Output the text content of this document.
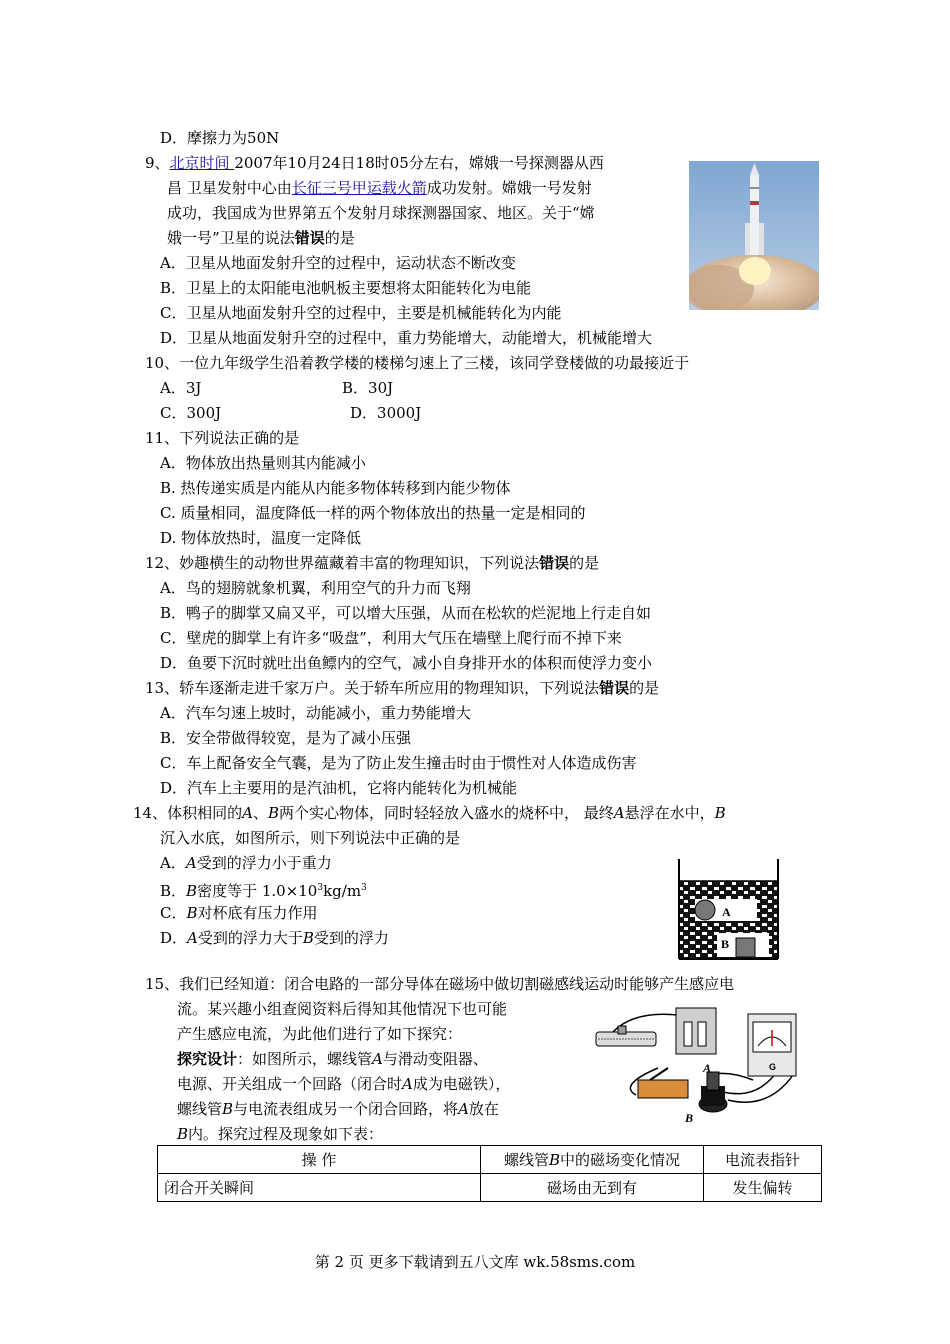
D．摩擦力为50N
9、北京时间 2007年10月24日18时05分左右，嫦娥一号探测器从西
昌 卫星发射中心由长征三号甲运载火箭成功发射。嫦娥一号发射
成功，我国成为世界第五个发射月球探测器国家、地区。关于“嫦
娥一号”卫星的说法错误的是
A．卫星从地面发射升空的过程中，运动状态不断改变
B．卫星上的太阳能电池帆板主要想将太阳能转化为电能
C．卫星从地面发射升空的过程中，主要是机械能转化为内能
D．卫星从地面发射升空的过程中，重力势能增大，动能增大，机械能增大
10、一位九年级学生沿着教学楼的楼梯匀速上了三楼，该同学登楼做的功最接近于
A．3J	B．30J
C．300J	D．3000J
11、下列说法正确的是
A．物体放出热量则其内能减小
B. 热传递实质是内能从内能多物体转移到内能少物体
C. 质量相同，温度降低一样的两个物体放出的热量一定是相同的
D. 物体放热时，温度一定降低
12、妙趣横生的动物世界蕴藏着丰富的物理知识，下列说法错误的是
A．鸟的翅膀就象机翼，利用空气的升力而飞翔
B．鸭子的脚掌又扁又平，可以增大压强，从而在松软的烂泥地上行走自如
C．壁虎的脚掌上有许多“吸盘”，利用大气压在墙壁上爬行而不掉下来
D．鱼要下沉时就吐出鱼鳔内的空气，减小自身排开水的体积而使浮力变小
13、轿车逐渐走进千家万户。关于轿车所应用的物理知识，下列说法错误的是
A．汽车匀速上坡时，动能减小，重力势能增大
B．安全带做得较宽，是为了减小压强
C．车上配备安全气囊，是为了防止发生撞击时由于惯性对人体造成伤害
D．汽车上主要用的是汽油机，它将内能转化为机械能
14、体积相同的A、B两个实心物体，同时轻轻放入盛水的烧杯中， 最终A悬浮在水中，B
沉入水底，如图所示，则下列说法中正确的是
A．A受到的浮力小于重力
B．B密度等于 $1.0\times 10^3kg/m^3$
C．B对杯底有压力作用
D．A受到的浮力大于B受到的浮力
A
B
15、我们已经知道：闭合电路的一部分导体在磁场中做切割磁感线运动时能够产生感应电
流。某兴趣小组查阅资料后得知其他情况下也可能
产生感应电流，为此他们进行了如下探究：
探究设计：如图所示，螺线管A与滑动变阻器、
电源、开关组成一个回路（闭合时A成为电磁铁），
螺线管B与电流表组成另一个闭合回路，将A放在
B内。探究过程及现象如下表：
A
B
G
操 作	螺线管B中的磁场变化情况	电流表指针
闭合开关瞬间	磁场由无到有	发生偏转
第 2 页 更多下载请到五八文库 wk.58sms.com
